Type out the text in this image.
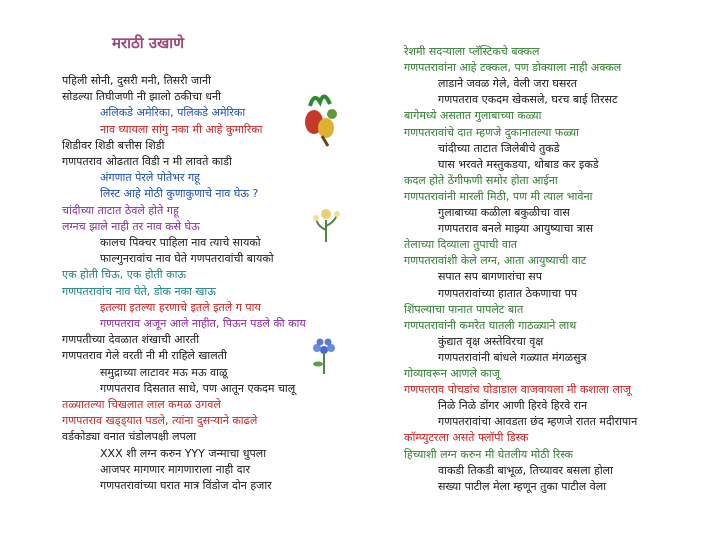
मराठी उखाणे
पहिली सोनी, दुसरी मनी, तिसरी जानी
सोडल्या तिघीजणी नी झालो ठकीचा धनी
अलिकडे अमेरिका, पलिकडे अमेरिका
नाव घ्यायला सांगु नका मी आहे कुमारिका
शिडीवर शिडी बत्तीस शिडी
गणपतराव ओढतात विडी न मी लावते काडी
अंगणात पेरले पोतेभर गहू
लिस्ट आहे मोठी कुणाकुणाचे नाव घेऊ ?
चांदीच्या ताटात ठेवले होते गहू
लग्नच झाले नाही तर नाव कसे घेऊ
कालच पिक्चर पाहिला नाव त्याचे सायको
फाल्गुनरावांच नाव घेते गणपतरावांची बायको
एक होती चिऊ, एक होती काऊ
गणपतरावांच नाव घेते, डोक नका खाऊ
इतल्या इतल्या हरणाचे इतले इतले ग पाय
गणपतराव अजून आले नाहीत, पिऊन पडले की काय
गणपतीच्या देवळात शंखाची आरती
गणपतराव गेले वरती नी मी राहिले खालती
समुद्राच्या लाटावर मऊ मऊ वाळू
गणपतराव दिसतात साधे, पण आतून एकदम चालू
तळ्यातल्या चिखलात लाल कमळ उगवले
गणपतराव खड्ड्यात पडले, त्यांना दुसऱ्याने काढले
वर्डकोड्या वनात चंडोलपक्षी लपला
XXX शी लग्न करुन YYY जन्माचा धुपला
आजपर मागणार मागणाराला नाही दार
गणपतरावांच्या घरात मात्र विंडोज दोन हजार
रेशमी सदऱ्याला प्लॅस्टिकचे बक्कल
गणपतरावांना आहे टक्कल, पण डोक्याला नाही अक्कल
लाडाने जवळ गेले, वेली जरा घसरत
गणपतराव एकदम खेकसले, घरच बाई तिरसट
बागेमध्ये असतात गुलाबाच्या कळ्या
गणपतरावांचे दात म्हणजे दुकानातल्या फळ्या
चांदीच्या ताटात जिलेबीचे तुकडे
घास भरवते मस्तुकडया, थोबाड कर इकडे
कदल होते ठेंगीफणी समोर होता आईना
गणपतरावांनी मारली मिठी, पण मी त्याल भावेना
गुलाबाच्या कळीला बकुळीचा वास
गणपतराव बनले माझ्या आयुष्याचा त्रास
तेलाच्या दिव्याला तुपाची वात
गणपतरावांशी केले लग्न, आता आयुष्याची वाट
सपात सप बागणारांचा सप
गणपतरावांच्या हातात ठेकणाचा पप
शिंपल्याचा पानात पापलेट बात
गणपतरावांनी कमरेत घातली गाठळ्याने लाथ
कुंद्यात वृक्ष अस्तेविरचा वृक्ष
गणपतरावांनी बांधले गळ्यात मंगळसुत्र
गोव्यावरून आणले काजू
गणपतराव पोचडांच घोडाडाल वाजवायला मी कशाला लाजू
निळे निळे डोंगर आणी हिरवे हिरवे रान
गणपतरावांचा आवडता छंद म्हणजे रातत मदीरापान
कॉम्प्युटरला असते फ्लॉपी डिस्क
हिच्याशी लग्न करुन मी घेतलीय मोठी रिस्क
वाकडी तिकडी बाभूळ, तिच्यावर बसला होला
सख्या पाटील मेला म्हणून तुका पाटील वेला
